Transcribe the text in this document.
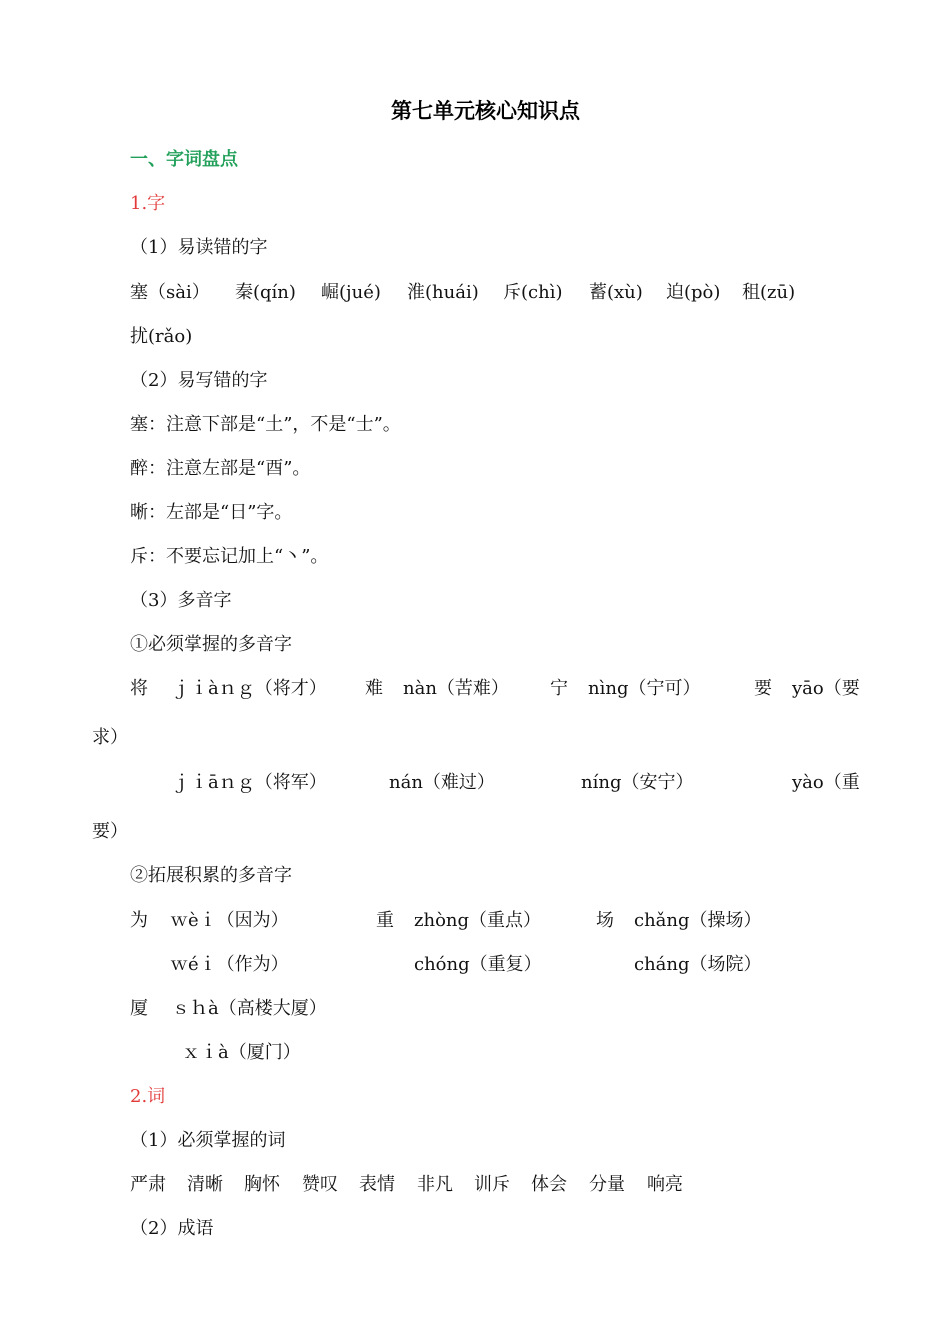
第七单元核心知识点
一、字词盘点
1.字
（1）易读错的字
塞（sài） 秦(qín) 崛(jué) 淮(huái) 斥(chì) 蓄(xù) 迫(pò) 租(zū)
扰(rǎo)
（2）易写错的字
塞：注意下部是“土”，不是“士”。
醉：注意左部是“酉”。
晰：左部是“日”字。
斥：不要忘记加上“丶”。
（3）多音字
①必须掌握的多音字
将 ｊｉàｎｇ（将才） 难 nàn（苦难） 宁 nìng（宁可）	要 yāo（要
求）
ｊｉāｎｇ（将军）	nán（难过）	níng（安宁）	yào（重
要）
②拓展积累的多音字
为 ｗèｉ（因为）	重 zhòng（重点）	场 chǎng（操场）
ｗéｉ（作为）	chóng（重复）	cháng（场院）
厦 ｓｈà（高楼大厦）
ｘｉà（厦门）
2.词
（1）必须掌握的词
严肃 清晰 胸怀 赞叹 表情 非凡 训斥 体会 分量 响亮
（2）成语
